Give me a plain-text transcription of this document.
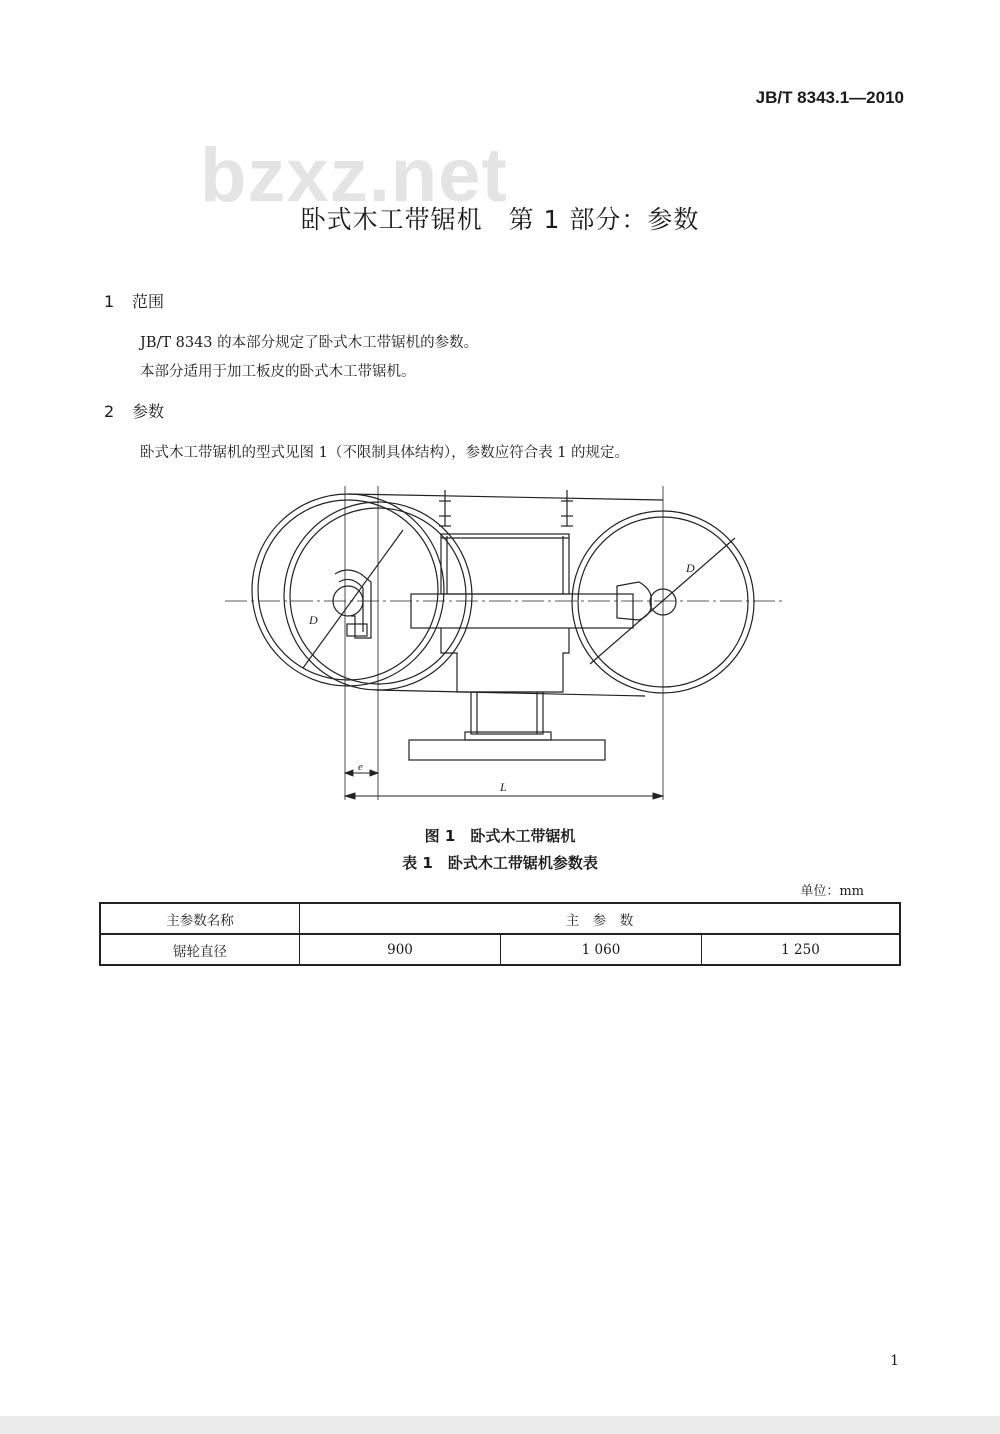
JB/T 8343.1—2010
bzxz.net
卧式木工带锯机　第 1 部分：参数
1 范围
JB/T 8343 的本部分规定了卧式木工带锯机的参数。
本部分适用于加工板皮的卧式木工带锯机。
2 参数
卧式木工带锯机的型式见图 1（不限制具体结构），参数应符合表 1 的规定。
D
D
e
L
图 1　卧式木工带锯机
表 1　卧式木工带锯机参数表
单位：mm
主参数名称	主　参　数		
锯轮直径	900	1 060	1 250
1
